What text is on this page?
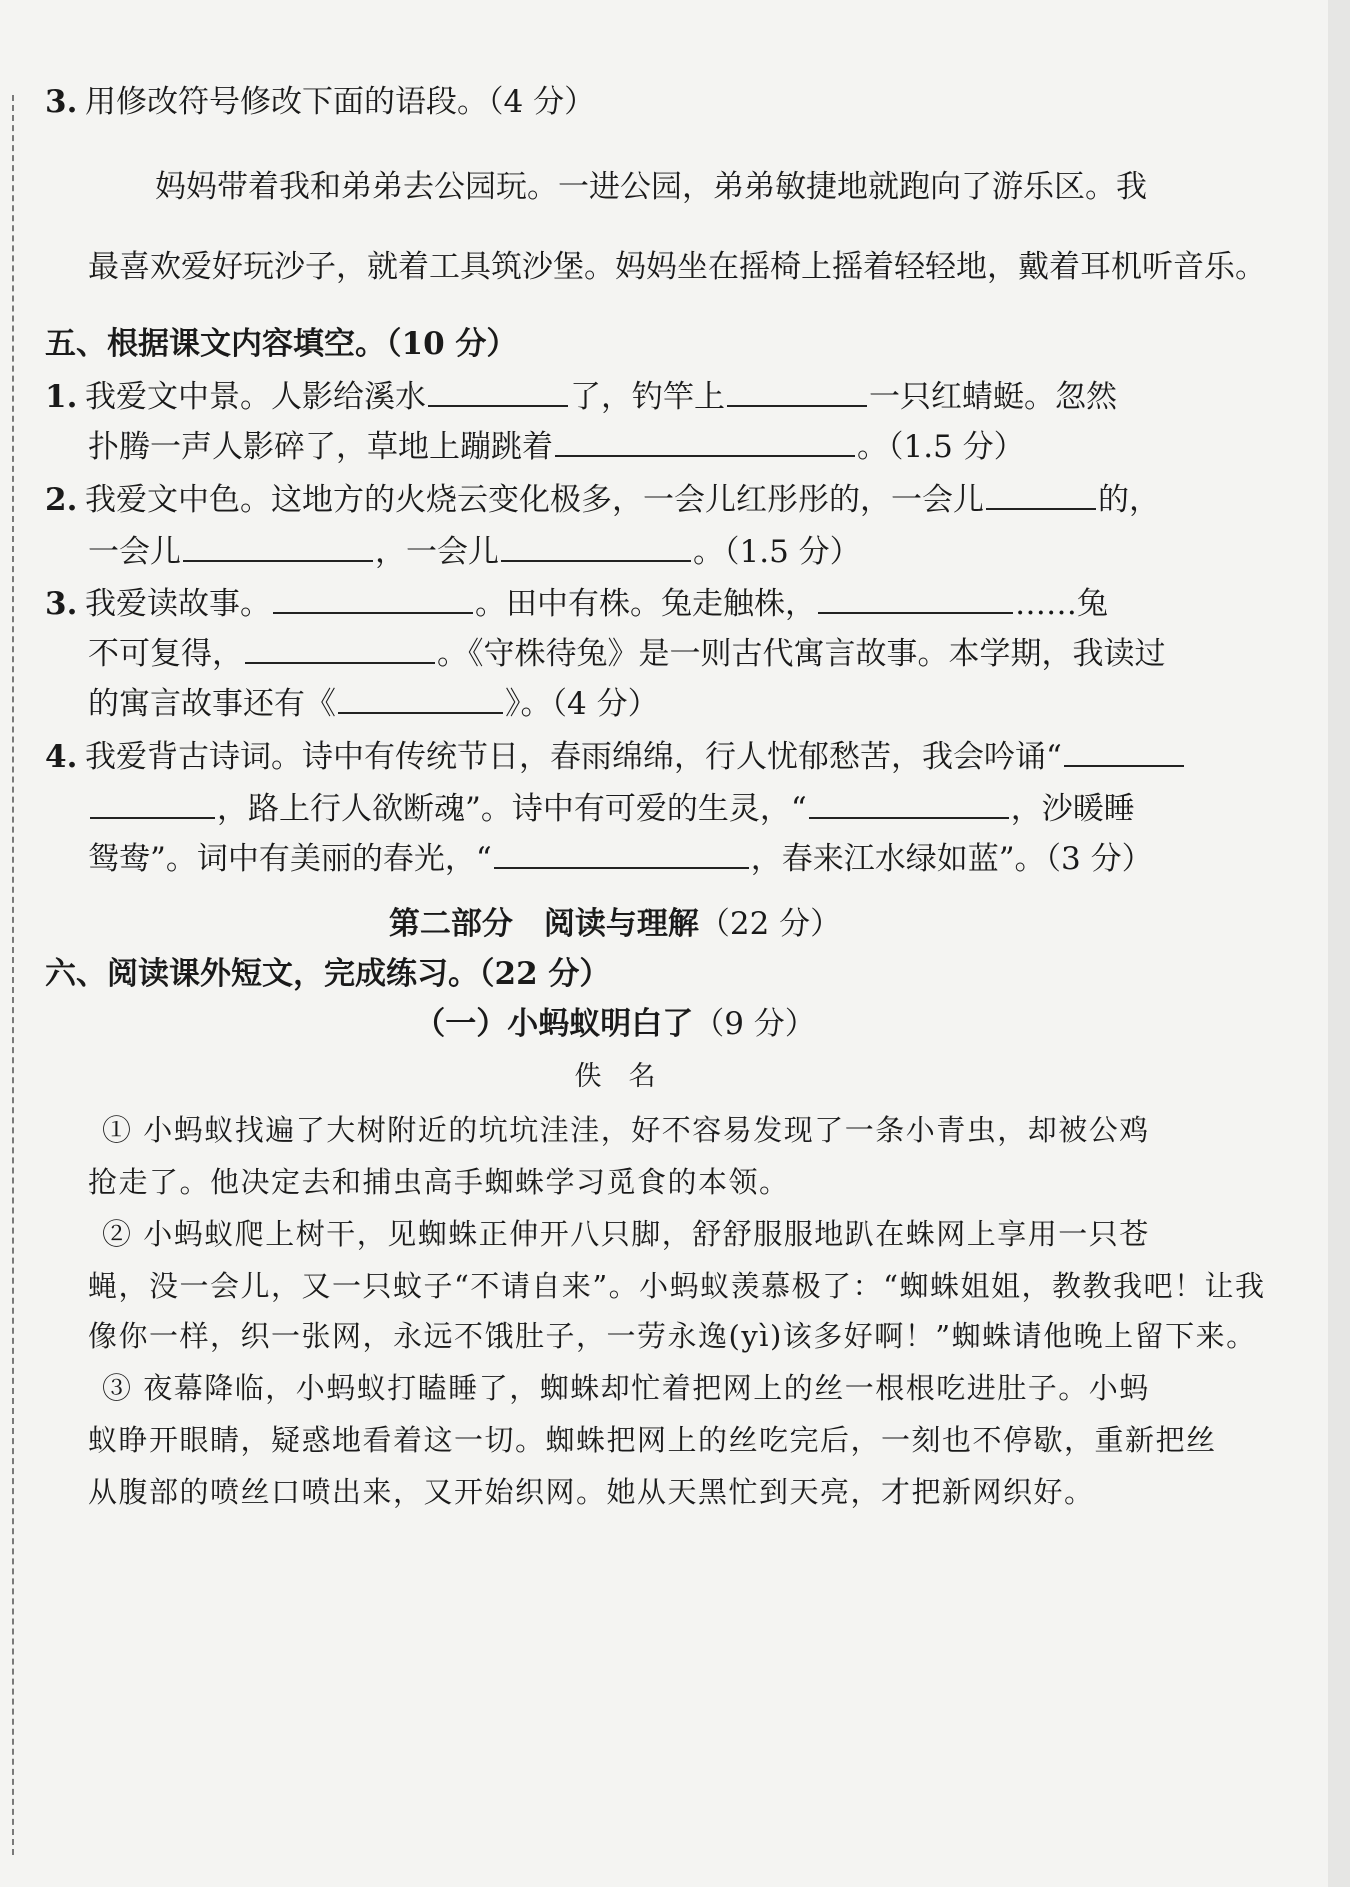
3. 用修改符号修改下面的语段。（4 分）
妈妈带着我和弟弟去公园玩。一进公园，弟弟敏捷地就跑向了游乐区。我
最喜欢爱好玩沙子，就着工具筑沙堡。妈妈坐在摇椅上摇着轻轻地，戴着耳机听音乐。
五、根据课文内容填空。（10 分）
1. 我爱文中景。人影给溪水	了，钓竿上	一只红蜻蜓。忽然
扑腾一声人影碎了，草地上蹦跳着	。（1.5 分）
2. 我爱文中色。这地方的火烧云变化极多，一会儿红彤彤的，一会儿	的，
一会儿	，一会儿	。（1.5 分）
3. 我爱读故事。	。田中有株。兔走触株，	……兔
不可复得，	。《守株待兔》是一则古代寓言故事。本学期，我读过
的寓言故事还有《	》。（4 分）
4. 我爱背古诗词。诗中有传统节日，春雨绵绵，行人忧郁愁苦，我会吟诵“
，路上行人欲断魂”。诗中有可爱的生灵，“	，沙暖睡
鸳鸯”。词中有美丽的春光，“	，春来江水绿如蓝”。（3 分）
第二部分　阅读与理解（22 分）
六、阅读课外短文，完成练习。（22 分）
（一）小蚂蚁明白了（9 分）
佚　名
① 小蚂蚁找遍了大树附近的坑坑洼洼，好不容易发现了一条小青虫，却被公鸡
抢走了。他决定去和捕虫高手蜘蛛学习觅食的本领。
② 小蚂蚁爬上树干，见蜘蛛正伸开八只脚，舒舒服服地趴在蛛网上享用一只苍
蝇，没一会儿，又一只蚊子“不请自来”。小蚂蚁羡慕极了：“蜘蛛姐姐，教教我吧！让我
像你一样，织一张网，永远不饿肚子，一劳永逸(yì)该多好啊！”蜘蛛请他晚上留下来。
③ 夜幕降临，小蚂蚁打瞌睡了，蜘蛛却忙着把网上的丝一根根吃进肚子。小蚂
蚁睁开眼睛，疑惑地看着这一切。蜘蛛把网上的丝吃完后，一刻也不停歇，重新把丝
从腹部的喷丝口喷出来，又开始织网。她从天黑忙到天亮，才把新网织好。
